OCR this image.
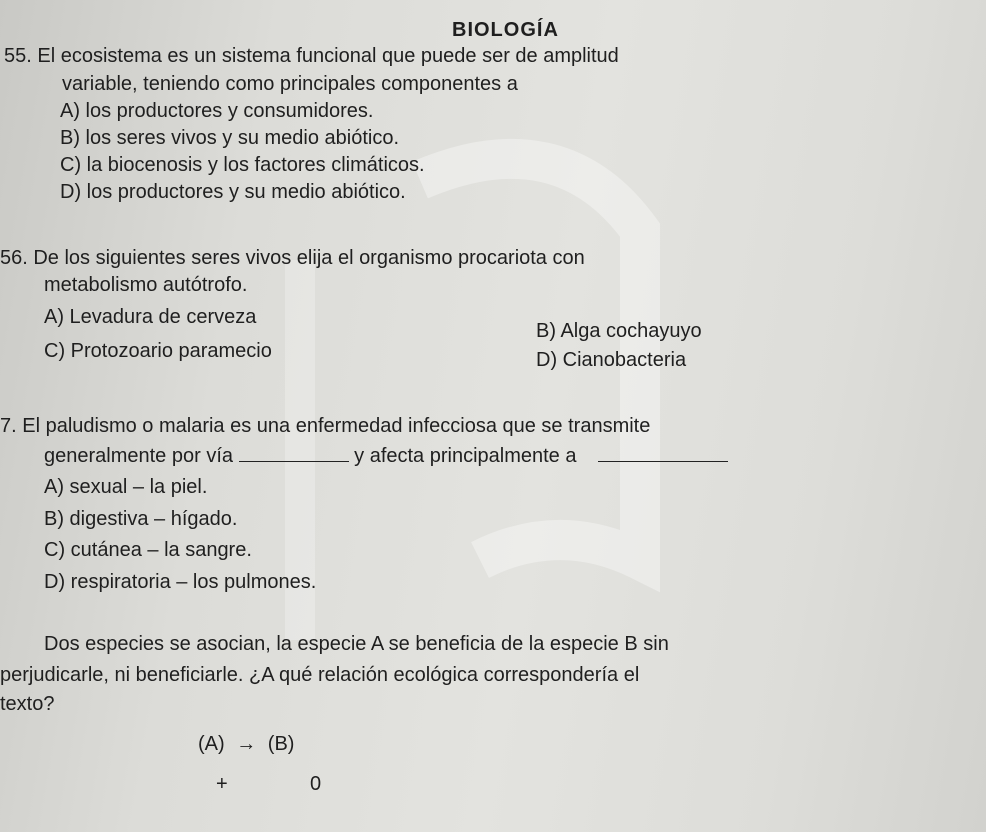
BIOLOGÍA
55. El ecosistema es un sistema funcional que puede ser de amplitud
variable, teniendo como principales componentes a
A) los productores y consumidores.
B) los seres vivos y su medio abiótico.
C) la biocenosis y los factores climáticos.
D) los productores y su medio abiótico.
56. De los siguientes seres vivos elija el organismo procariota con
metabolismo autótrofo.
A) Levadura de cerveza
B) Alga cochayuyo
C) Protozoario paramecio	D) Cianobacteria
7. El paludismo o malaria es una enfermedad infecciosa que se transmite
generalmente por vía	y afecta principalmente a
A) sexual – la piel.
B) digestiva – hígado.
C) cutánea – la sangre.
D) respiratoria – los pulmones.
Dos especies se asocian, la especie A se beneficia de la especie B sin
perjudicarle, ni beneficiarle. ¿A qué relación ecológica correspondería el
texto?
(A) → (B)
+	0
